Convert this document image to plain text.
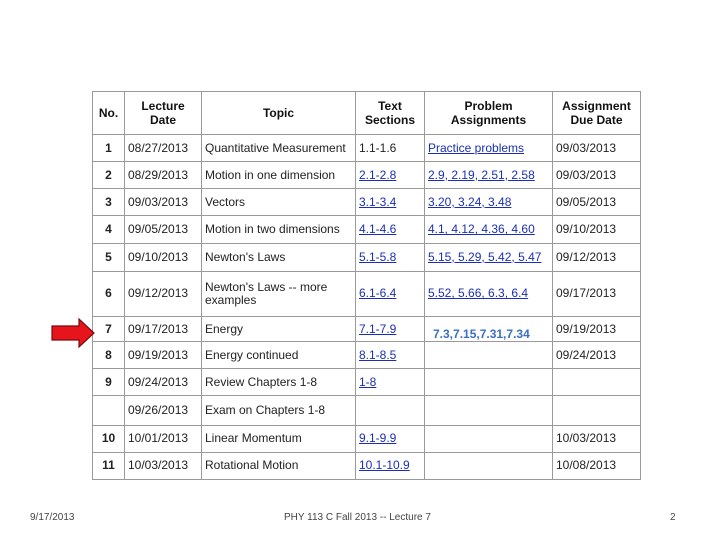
No.	Lecture Date	Topic	Text Sections	Problem Assignments	Assignment Due Date
1	08/27/2013	Quantitative Measurement	1.1-1.6	Practice problems	09/03/2013
2	08/29/2013	Motion in one dimension	2.1-2.8	2.9, 2.19, 2.51, 2.58	09/03/2013
3	09/03/2013	Vectors	3.1-3.4	3.20, 3.24, 3.48	09/05/2013
4	09/05/2013	Motion in two dimensions	4.1-4.6	4.1, 4.12, 4.36, 4.60	09/10/2013
5	09/10/2013	Newton's Laws	5.1-5.8	5.15, 5.29, 5.42, 5.47	09/12/2013
6	09/12/2013	Newton's Laws -- more examples	6.1-6.4	5.52, 5.66, 6.3, 6.4	09/17/2013
7	09/17/2013	Energy	7.1-7.9	7.3,7.15,7.31,7.34	09/19/2013
8	09/19/2013	Energy continued	8.1-8.5		09/24/2013
9	09/24/2013	Review Chapters 1-8	1-8		
	09/26/2013	Exam on Chapters 1-8			
10	10/01/2013	Linear Momentum	9.1-9.9		10/03/2013
11	10/03/2013	Rotational Motion	10.1-10.9		10/08/2013
9/17/2013	PHY 113 C Fall 2013 -- Lecture 7	2
